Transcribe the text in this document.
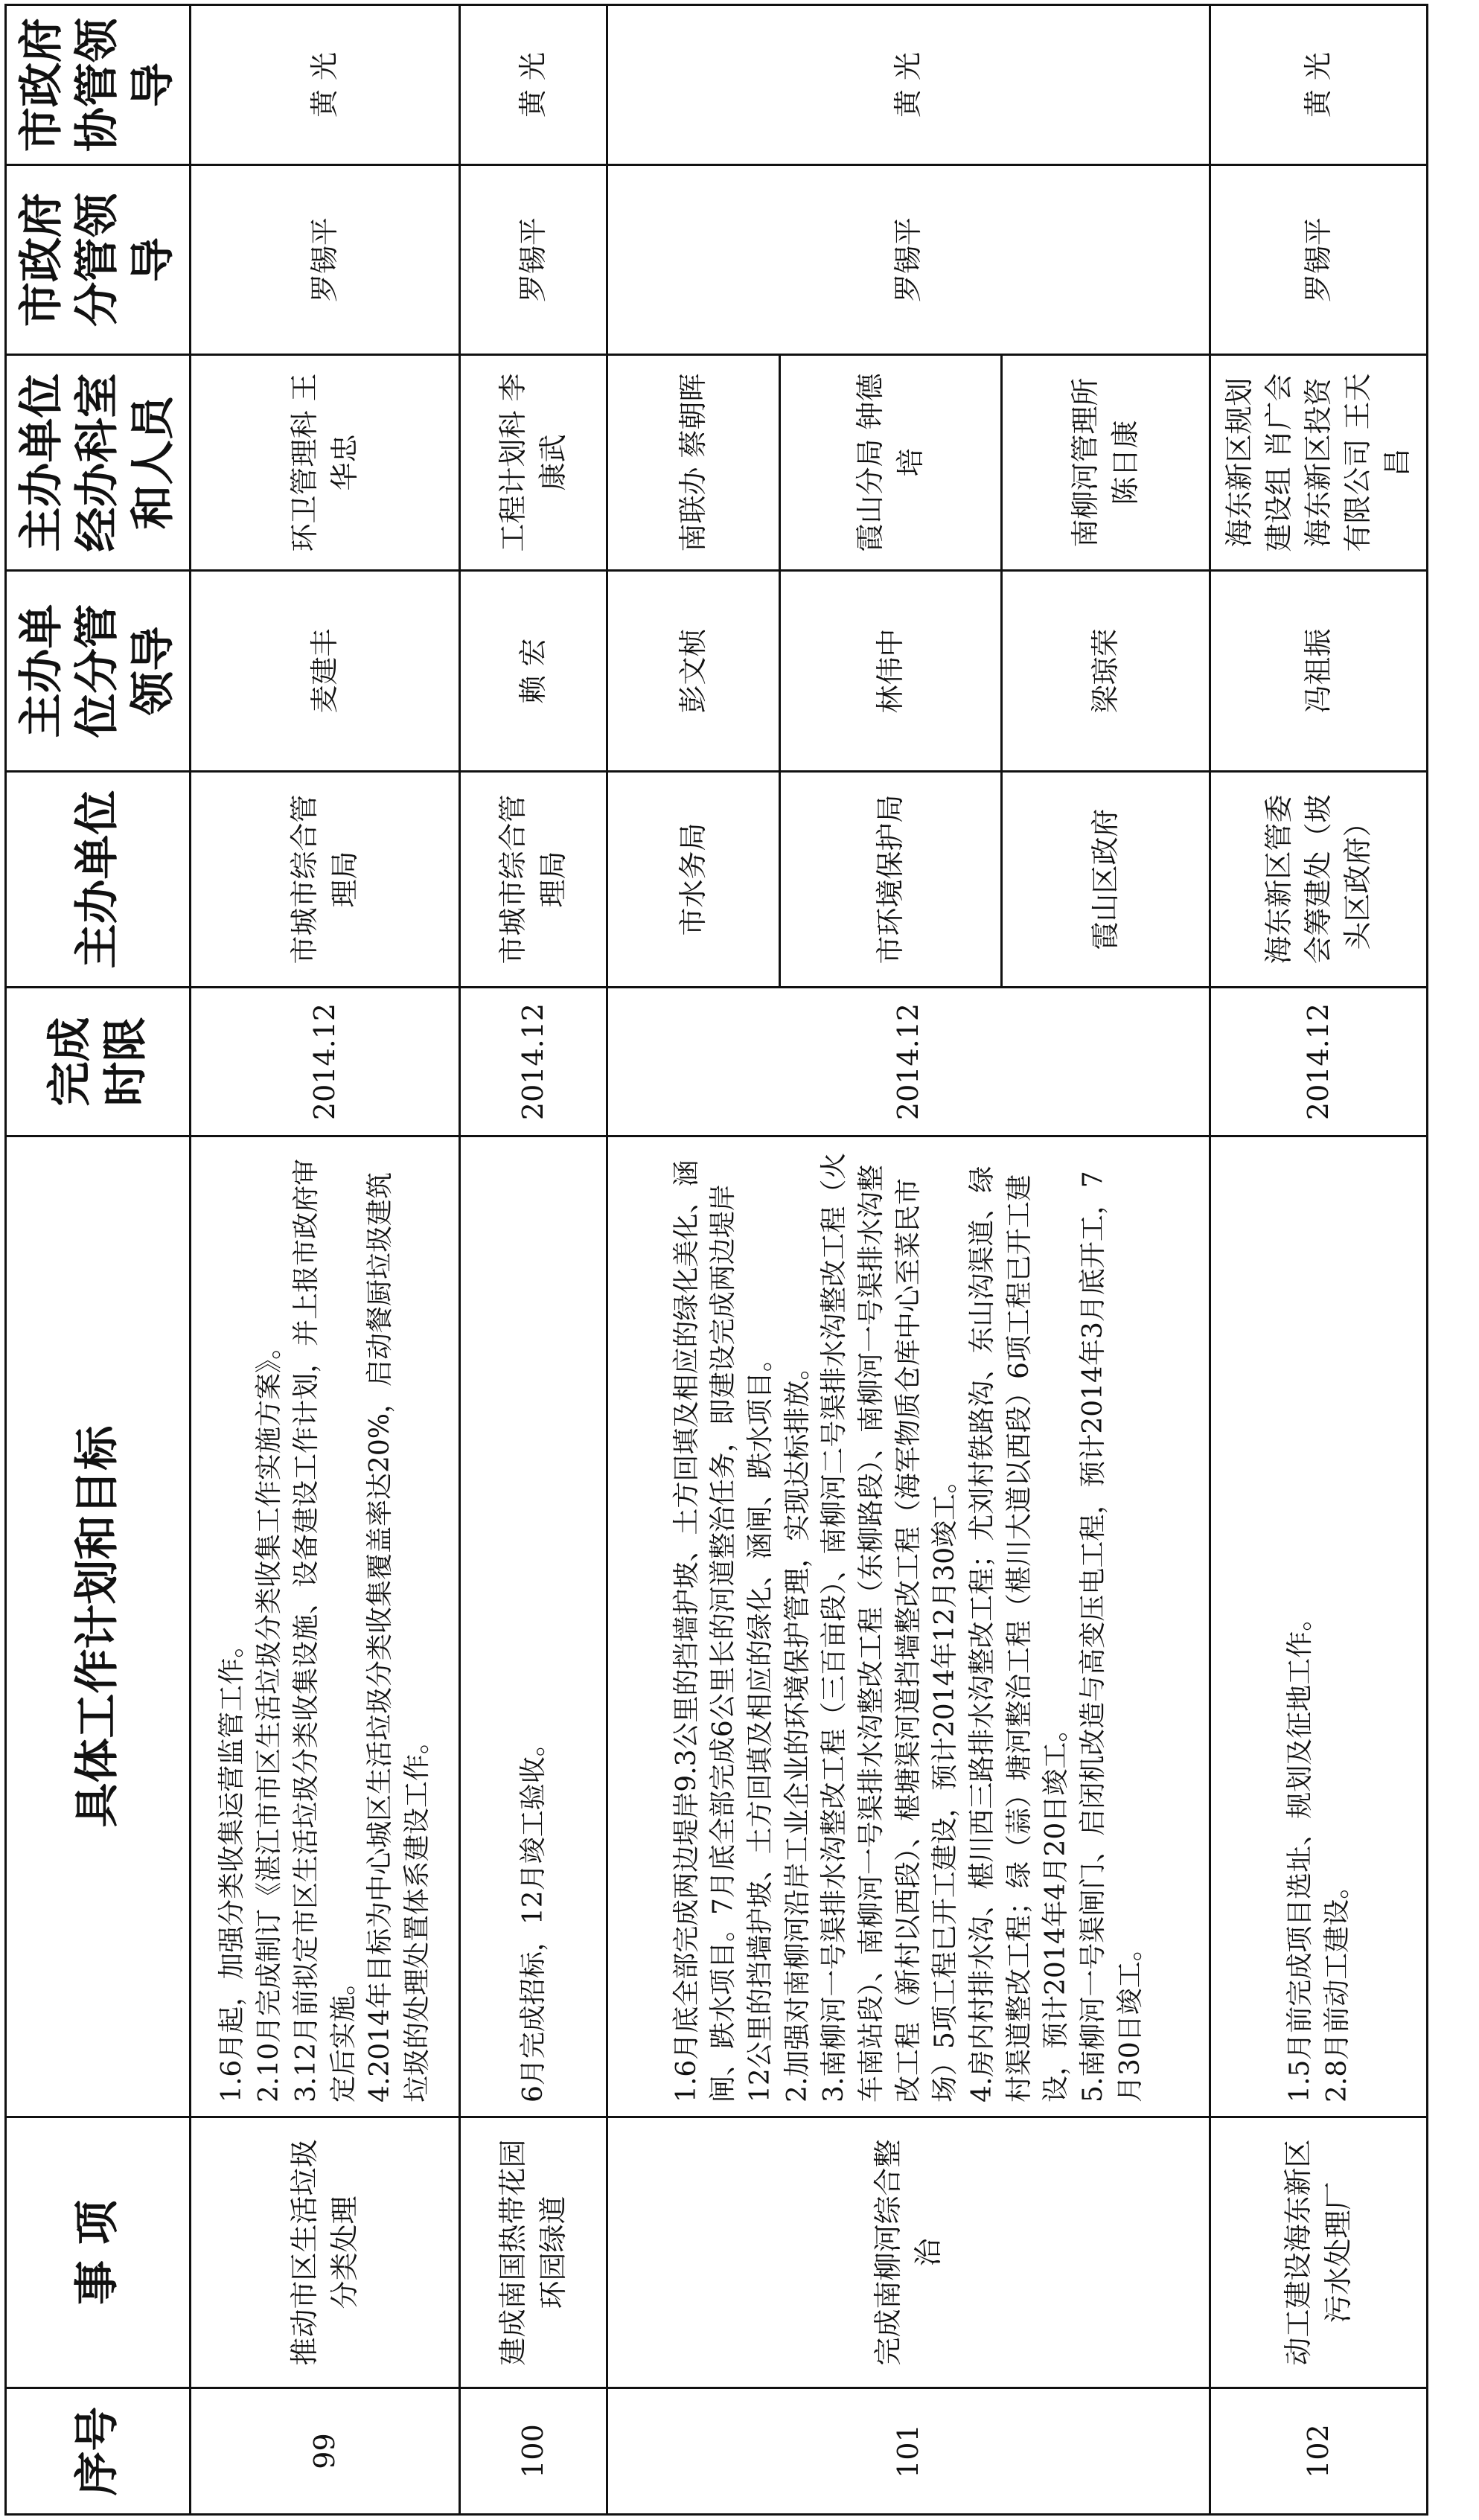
序号	事 项	具体工作计划和目标	完成时限	主办单位	主办单位分管领导	主办单位经办科室和人员	市政府分管领导	市政府协管领导
99	推动市区生活垃圾分类处理	1.6月起，加强分类收集运营监管工作。 2.10月完成制订《湛江市市区生活垃圾分类收集工作实施方案》。 3.12月前拟定市区生活垃圾分类收集设施、设备建设工作计划，并上报市政府审定后实施。 4.2014年目标为中心城区生活垃圾分类收集覆盖率达20%，启动餐厨垃圾建筑垃圾的处理处置体系建设工作。	2014.12	市城市综合管理局	麦建丰	环卫管理科 王华忠	罗锡平	黄 光
100	建成南国热带花园环园绿道	6月完成招标，12月竣工验收。	2014.12	市城市综合管理局	赖 宏	工程计划科 李康武	罗锡平	黄 光
101	完成南柳河综合整治	1.6月底全部完成两边堤岸9.3公里的挡墙护坡、土方回填及相应的绿化美化、涵闸、跌水项目。7月底全部完成6公里长的河道整治任务，即建设完成两边堤岸12公里的挡墙护坡、土方回填及相应的绿化、涵闸、跌水项目。 2.加强对南柳河沿岸工业企业的环境保护管理，实现达标排放。 3.南柳河一号渠排水沟整改工程（三百亩段）、南柳河二号渠排水沟整改工程（火车南站段）、南柳河一号渠排水沟整改工程（东柳路段）、南柳河一号渠排水沟整改工程（新村以西段）、椹塘渠河道挡墙整改工程（海军物质仓库中心至菜民市场）5项工程已开工建设，预计2014年12月30竣工。 4.房内村排水沟、椹川西三路排水沟整改工程；尤刘村铁路沟、东山沟渠道、绿村渠道整改工程；绿（蒜）塘河整治工程（椹川大道以西段）6项工程已开工建设，预计2014年4月20日竣工。 5.南柳河一号渠闸门、启闭机改造与高变压电工程，预计2014年3月底开工，7月30日竣工。	2014.12	市水务局	彭文桢	南联办 蔡朝晖	罗锡平	黄 光
				市环境保护局	林伟中	霞山分局 钟德培		
				霞山区政府	梁琼荣	南柳河管理所 陈日康		
102	动工建设海东新区污水处理厂	1.5月前完成项目选址、规划及征地工作。 2.8月前动工建设。	2014.12	海东新区管委会筹建处（坡头区政府）	冯祖振	海东新区规划建设组 肖广会 海东新区投资有限公司 王天昌	罗锡平	黄 光
